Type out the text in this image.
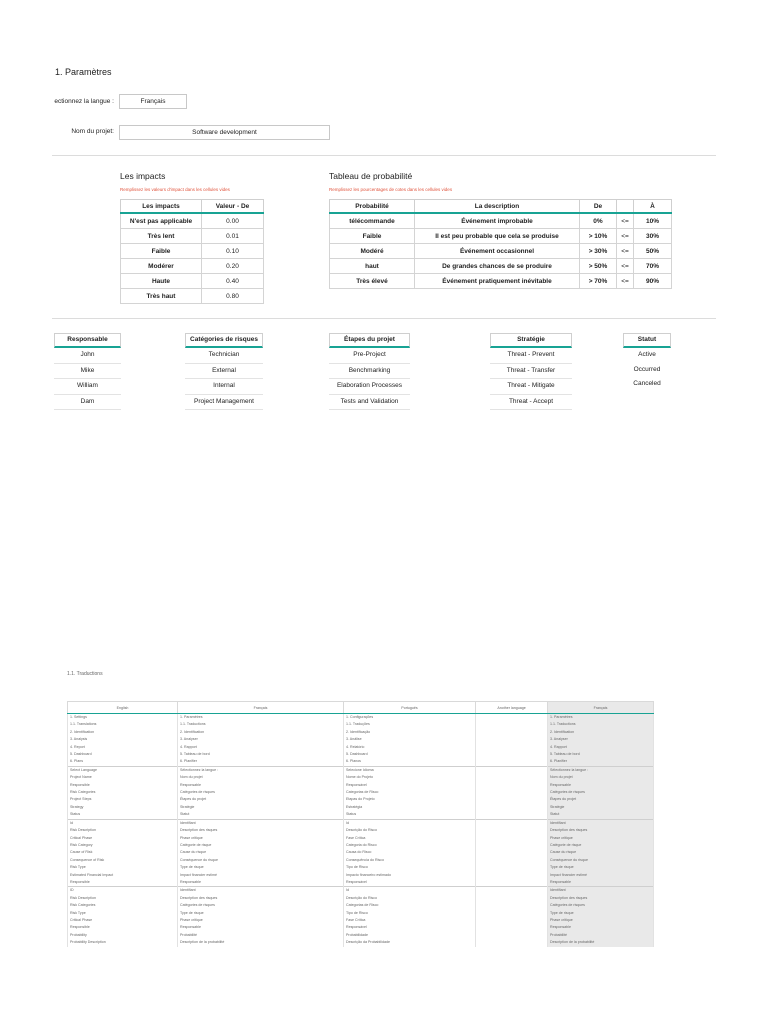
1. Paramètres
ectionnez la langue :	Français
Nom du projet:	Software development
Les impacts
Remplissez les valeurs d'impact dans les cellules vides
Les impacts	Valeur - De
N'est pas applicable	0.00
Très lent	0.01
Faible	0.10
Modérer	0.20
Haute	0.40
Très haut	0.80
Tableau de probabilité
Remplissez les pourcentages de cotes dans les cellules vides
Probabilité	La description	De		À
télécommande	Événement improbable	0%	<=	10%
Faible	Il est peu probable que cela se produise	> 10%	<=	30%
Modéré	Événement occasionnel	> 30%	<=	50%
haut	De grandes chances de se produire	> 50%	<=	70%
Très élevé	Événement pratiquement inévitable	> 70%	<=	90%
Responsable
John
Mike
William
Dam
Catégories de risques
Technician
External
Internal
Project Management
Étapes du projet
Pre-Project
Benchmarking
Elaboration Processes
Tests and Validation
Stratégie
Threat - Prevent
Threat - Transfer
Threat - Mitigate
Threat - Accept
Statut
Active
Occurred
Canceled
1.1. Traductions
English	Français	Português	Another language	Français
1. Settings	1. Paramètres	1. Configurações		1. Paramètres
1.1. Translations	1.1. Traductions	1.1. Traduções		1.1. Traductions
2. Identification	2. Identification	2. Identificação		2. Identification
3. Analysis	3. Analyser	3. Análise		3. Analyser
4. Report	4. Rapport	4. Relatório		4. Rapport
5. Dashboard	5. Tableau de bord	5. Dashboard		5. Tableau de bord
6. Plans	6. Planifier	6. Planos		6. Planifier
Select Language	Sélectionnez la langue :	Selecione Idioma		Sélectionnez la langue :
Project Name	Nom du projet	Nome do Projeto		Nom du projet
Responsible	Responsable	Responsável		Responsable
Risk Categories	Catégories de risques	Categorias de Risco		Catégories de risques
Project Steps	Étapes du projet	Etapas do Projeto		Étapes du projet
Strategy	Stratégie	Estratégia		Stratégie
Status	Statut	Status		Statut
Id	Identifiant	Id		Identifiant
Risk Description	Description des risques	Descrição do Risco		Description des risques
Critical Phase	Phase critique	Fase Crítica		Phase critique
Risk Category	Catégorie de risque	Categoria do Risco		Catégorie de risque
Cause of Risk	Cause du risque	Causa do Risco		Cause du risque
Consequence of Risk	Conséquence du risque	Consequência do Risco		Conséquence du risque
Risk Type	Type de risque	Tipo de Risco		Type de risque
Estimated Financial Impact	Impact financier estimé	Impacto financeiro estimado		Impact financier estimé
Responsible	Responsable	Responsável		Responsable
ID	Identifiant	Id		Identifiant
Risk Description	Description des risques	Descrição do Risco		Description des risques
Risk Categories	Catégories de risques	Categorias de Risco		Catégories de risques
Risk Type	Type de risque	Tipo de Risco		Type de risque
Critical Phase	Phase critique	Fase Crítica		Phase critique
Responsible	Responsable	Responsável		Responsable
Probability	Probabilité	Probabilidade		Probabilité
Probability Description	Description de la probabilité	Descrição da Probabilidade		Description de la probabilité
